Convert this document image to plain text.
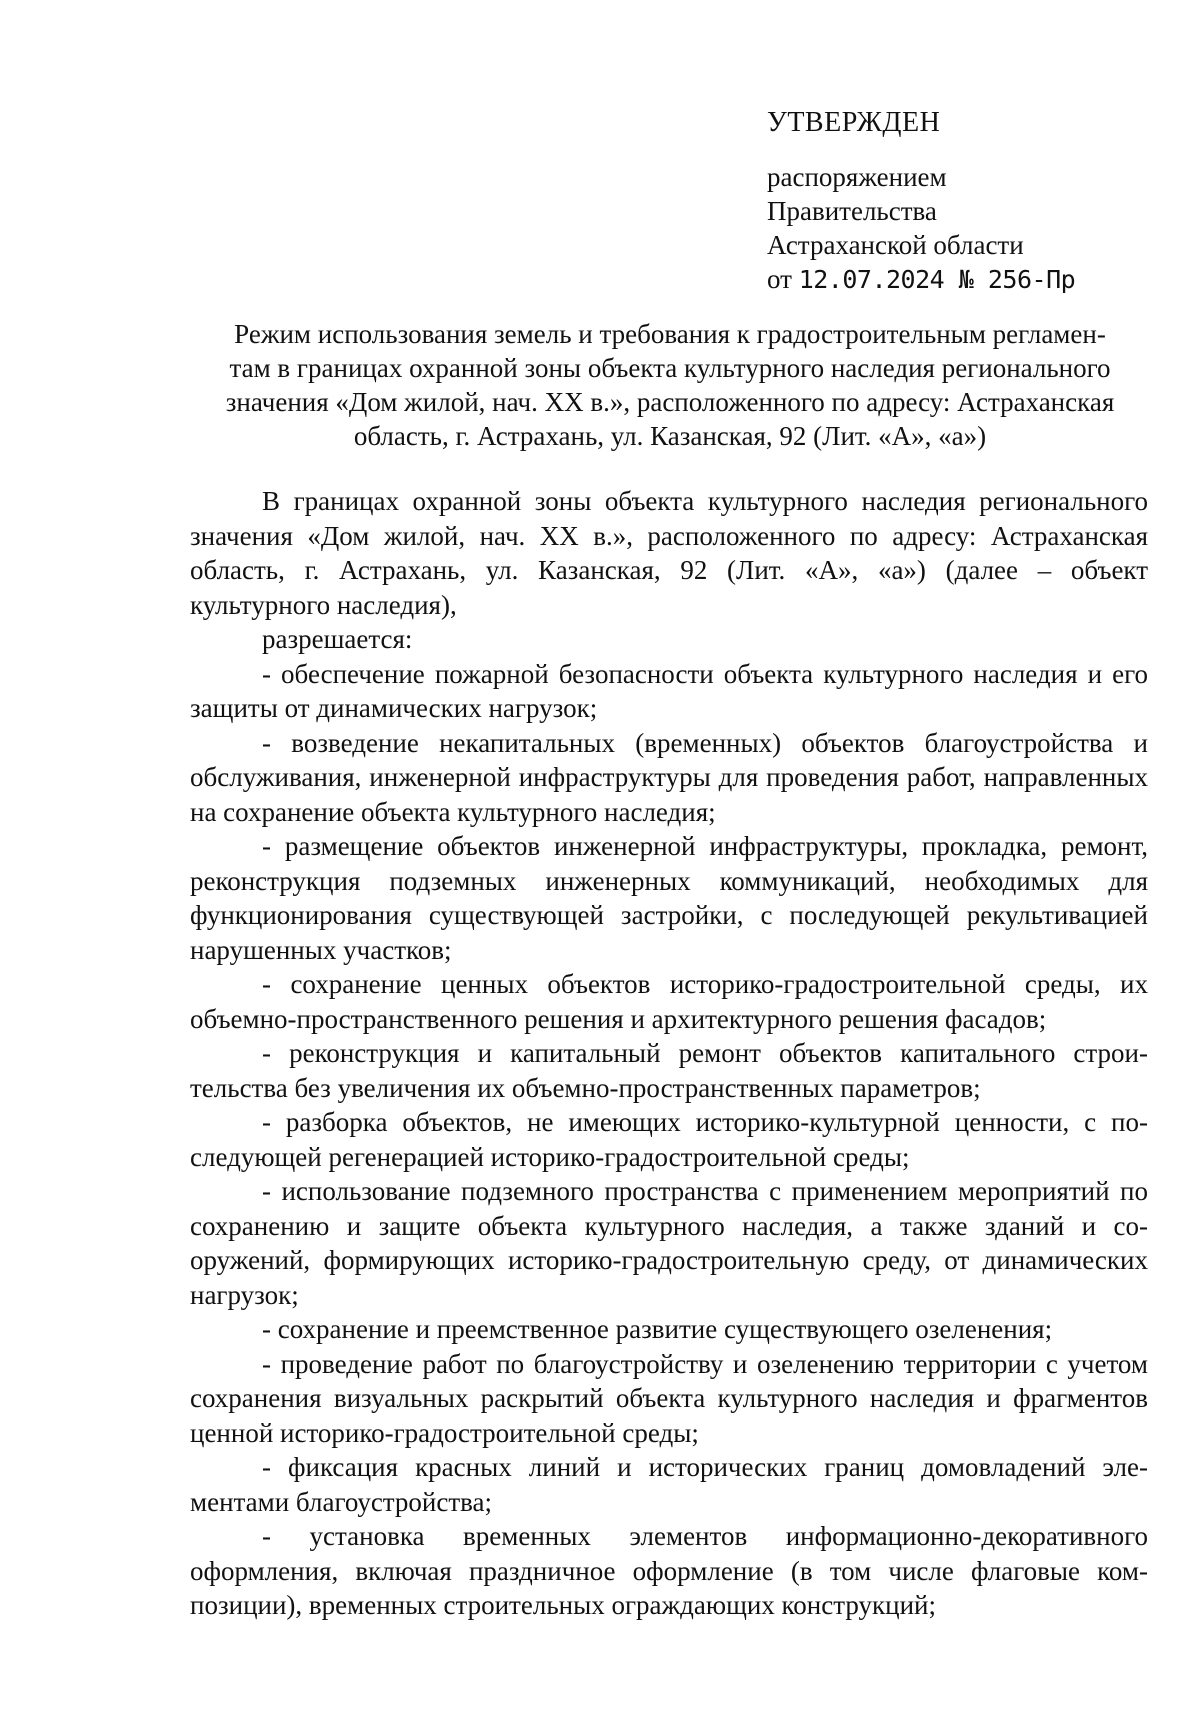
УТВЕРЖДЕН
распоряжением
Правительства
Астраханской области
от 12.07.2024 № 256-Пр
Режим использования земель и требования к градостроительным регламен-
там в границах охранной зоны объекта культурного наследия регионального
значения «Дом жилой, нач. XX в.», расположенного по адресу: Астраханская
область, г. Астрахань, ул. Казанская, 92 (Лит. «А», «а»)

В границах охранной зоны объекта культурного наследия регионального значения «Дом жилой, нач. XX в.», расположенного по адресу: Астраханская область, г. Астрахань, ул. Казанская, 92 (Лит. «А», «а») (далее – объект культурного наследия),

разрешается:

- обеспечение пожарной безопасности объекта культурного наследия и его защиты от динамических нагрузок;

- возведение некапитальных (временных) объектов благоустройства и обслуживания, инженерной инфраструктуры для проведения работ, направленных на сохранение объекта культурного наследия;

- размещение объектов инженерной инфраструктуры, прокладка, ремонт, реконструкция подземных инженерных коммуникаций, необходимых для функционирования существующей застройки, с последующей рекультивацией нарушенных участков;

- сохранение ценных объектов историко-градостроительной среды, их объемно-пространственного решения и архитектурного решения фасадов;

- реконструкция и капитальный ремонт объектов капитального строительства без увеличения их объемно-пространственных параметров;

- разборка объектов, не имеющих историко-культурной ценности, с последующей регенерацией историко-градостроительной среды;

- использование подземного пространства с применением мероприятий по сохранению и защите объекта культурного наследия, а также зданий и сооружений, формирующих историко-градостроительную среду, от динамических нагрузок;

- сохранение и преемственное развитие существующего озеленения;

- проведение работ по благоустройству и озеленению территории с учетом сохранения визуальных раскрытий объекта культурного наследия и фрагментов ценной историко-градостроительной среды;

- фиксация красных линий и исторических границ домовладений элементами благоустройства;

- установка временных элементов информационно-декоративного оформления, включая праздничное оформление (в том числе флаговые композиции), временных строительных ограждающих конструкций;
